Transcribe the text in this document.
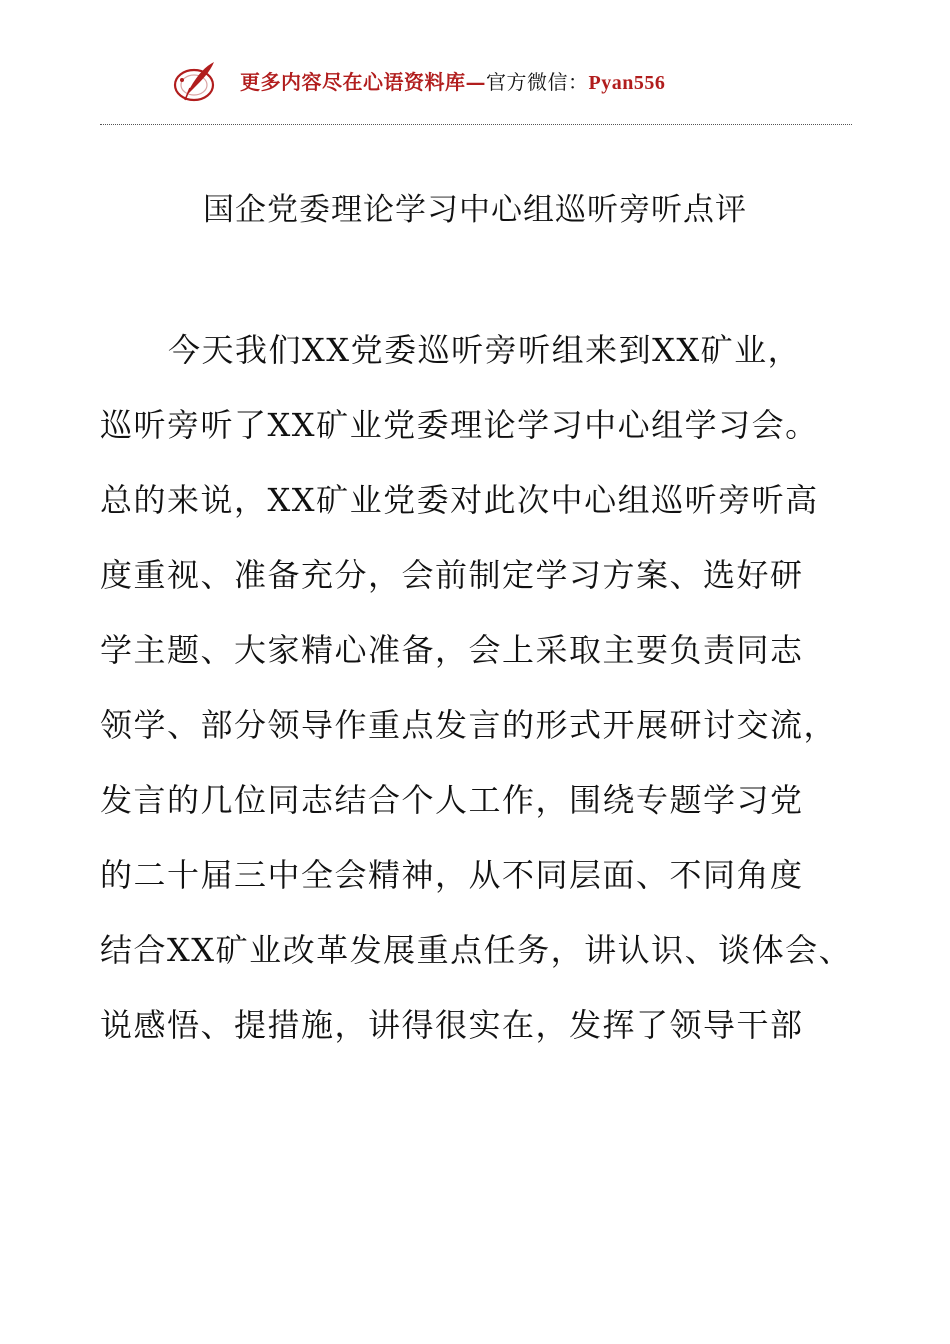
更多内容尽在心语资料库—官方微信：Pyan556
国企党委理论学习中心组巡听旁听点评
今天我们XX党委巡听旁听组来到XX矿业，
巡听旁听了XX矿业党委理论学习中心组学习会。
总的来说，XX矿业党委对此次中心组巡听旁听高
度重视、准备充分，会前制定学习方案、选好研
学主题、大家精心准备，会上采取主要负责同志
领学、部分领导作重点发言的形式开展研讨交流，
发言的几位同志结合个人工作，围绕专题学习党
的二十届三中全会精神，从不同层面、不同角度
结合XX矿业改革发展重点任务，讲认识、谈体会、
说感悟、提措施，讲得很实在，发挥了领导干部
